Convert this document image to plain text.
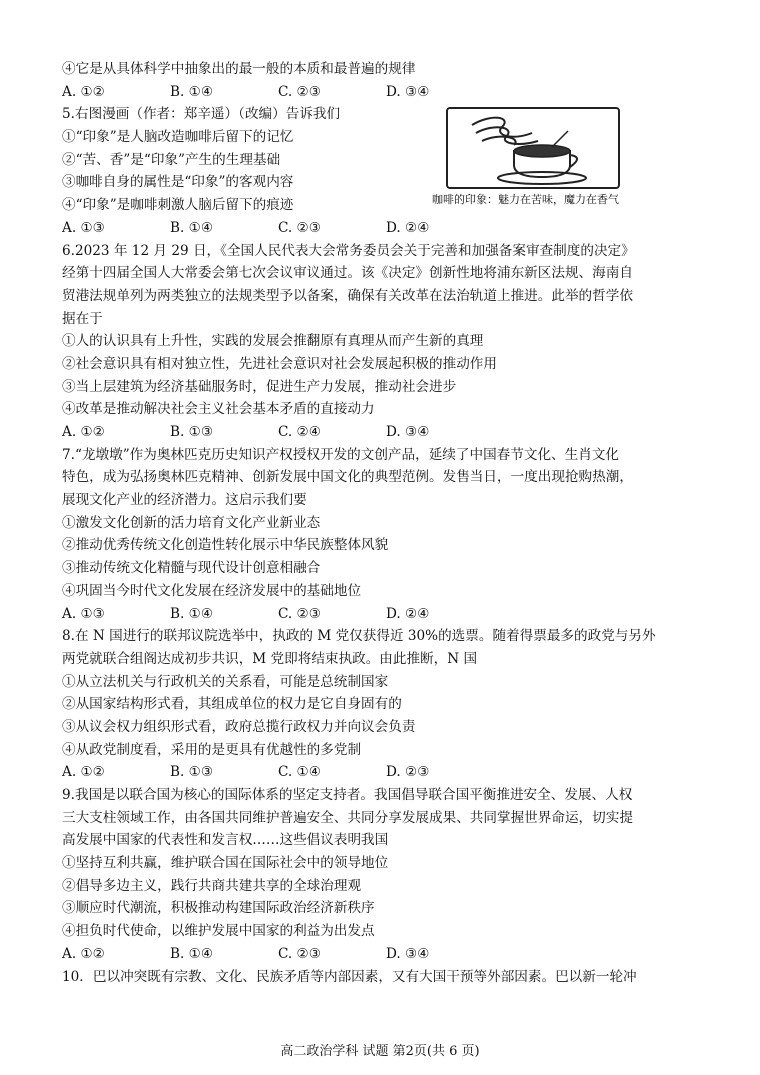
④它是从具体科学中抽象出的最一般的本质和最普遍的规律
A. ①②	B. ①④	C. ②③	D. ③④
5.右图漫画（作者：郑辛遥）（改编）告诉我们
①“印象”是人脑改造咖啡后留下的记忆
②“苦、香”是“印象”产生的生理基础
③咖啡自身的属性是“印象”的客观内容
④“印象”是咖啡刺激人脑后留下的痕迹	咖啡的印象：魅力在苦味，魔力在香气
A. ①③	B. ①④	C. ②③	D. ②④
6.2023 年 12 月 29 日，《全国人民代表大会常务委员会关于完善和加强备案审查制度的决定》
经第十四届全国人大常委会第七次会议审议通过。该《决定》创新性地将浦东新区法规、海南自
贸港法规单列为两类独立的法规类型予以备案，确保有关改革在法治轨道上推进。此举的哲学依
据在于
①人的认识具有上升性，实践的发展会推翻原有真理从而产生新的真理
②社会意识具有相对独立性，先进社会意识对社会发展起积极的推动作用
③当上层建筑为经济基础服务时，促进生产力发展，推动社会进步
④改革是推动解决社会主义社会基本矛盾的直接动力
A. ①②	B. ①③	C. ②④	D. ③④
7.“龙墩墩”作为奥林匹克历史知识产权授权开发的文创产品，延续了中国春节文化、生肖文化
特色，成为弘扬奥林匹克精神、创新发展中国文化的典型范例。发售当日，一度出现抢购热潮，
展现文化产业的经济潜力。这启示我们要
①激发文化创新的活力培育文化产业新业态
②推动优秀传统文化创造性转化展示中华民族整体风貌
③推动传统文化精髓与现代设计创意相融合
④巩固当今时代文化发展在经济发展中的基础地位
A. ①③	B. ①④	C. ②③	D. ②④
8.在 N 国进行的联邦议院选举中，执政的 M 党仅获得近 30%的选票。随着得票最多的政党与另外
两党就联合组阁达成初步共识，M 党即将结束执政。由此推断，N 国
①从立法机关与行政机关的关系看，可能是总统制国家
②从国家结构形式看，其组成单位的权力是它自身固有的
③从议会权力组织形式看，政府总揽行政权力并向议会负责
④从政党制度看，采用的是更具有优越性的多党制
A. ①②	B. ①③	C. ①④	D. ②③
9.我国是以联合国为核心的国际体系的坚定支持者。我国倡导联合国平衡推进安全、发展、人权
三大支柱领域工作，由各国共同维护普遍安全、共同分享发展成果、共同掌握世界命运，切实提
高发展中国家的代表性和发言权……这些倡议表明我国
①坚持互利共赢，维护联合国在国际社会中的领导地位
②倡导多边主义，践行共商共建共享的全球治理观
③顺应时代潮流，积极推动构建国际政治经济新秩序
④担负时代使命，以维护发展中国家的利益为出发点
A. ①②	B. ①④	C. ②③	D. ③④
10．巴以冲突既有宗教、文化、民族矛盾等内部因素，又有大国干预等外部因素。巴以新一轮冲
高二政治学科 试题 第2页(共 6 页)
